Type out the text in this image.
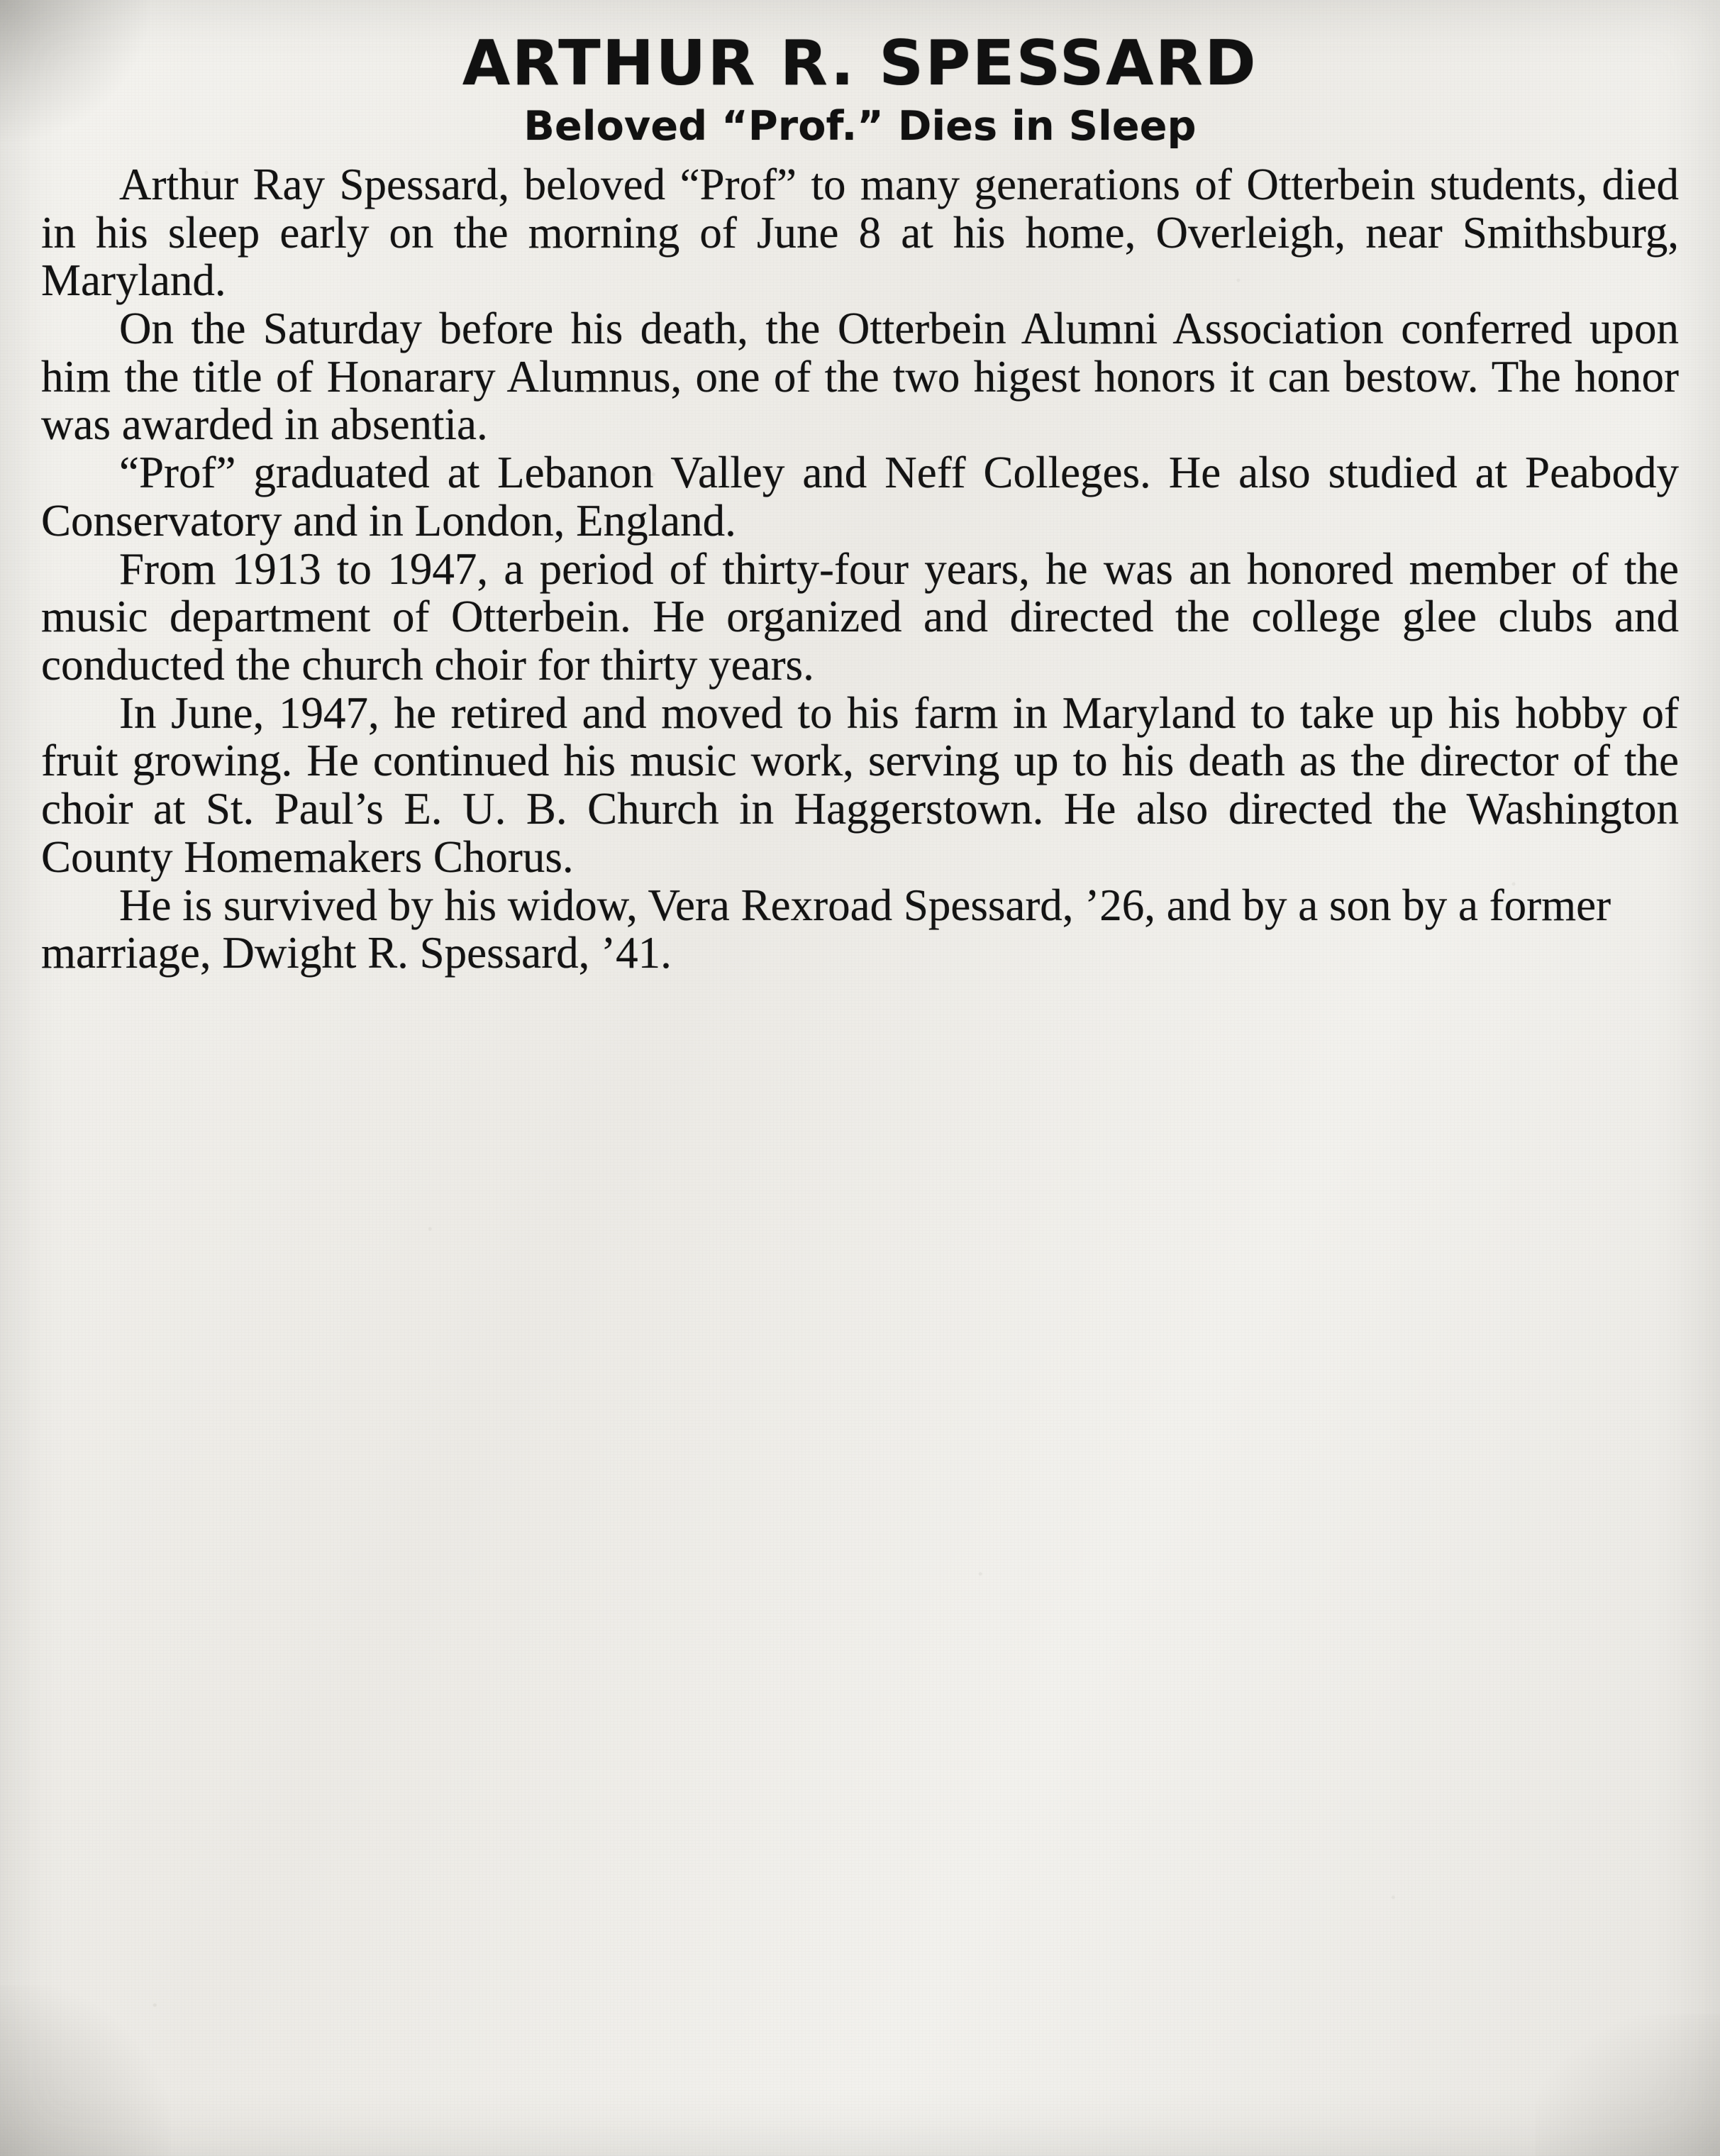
ARTHUR R. SPESSARD
Beloved “Prof.” Dies in Sleep

Arthur Ray Spessard, beloved “Prof” to many generations of Otterbein students, died in his sleep early on the morning of June 8 at his home, Overleigh, near Smithsburg, Maryland.

On the Saturday before his death, the Otterbein Alumni Association conferred upon him the title of Honarary Alumnus, one of the two higest honors it can bestow. The honor was awarded in absentia.

“Prof” graduated at Lebanon Valley and Neff Colleges. He also studied at Peabody Conservatory and in London, England.

From 1913 to 1947, a period of thirty-four years, he was an honored member of the music department of Otterbein. He organized and directed the college glee clubs and conducted the church choir for thirty years.

In June, 1947, he retired and moved to his farm in Maryland to take up his hobby of fruit growing. He continued his music work, serving up to his death as the director of the choir at St. Paul’s E. U. B. Church in Haggerstown. He also directed the Washington County Homemakers Chorus.

He is survived by his widow, Vera Rexroad Spessard, ’26, and by a son by a former marriage, Dwight R. Spessard, ’41.
